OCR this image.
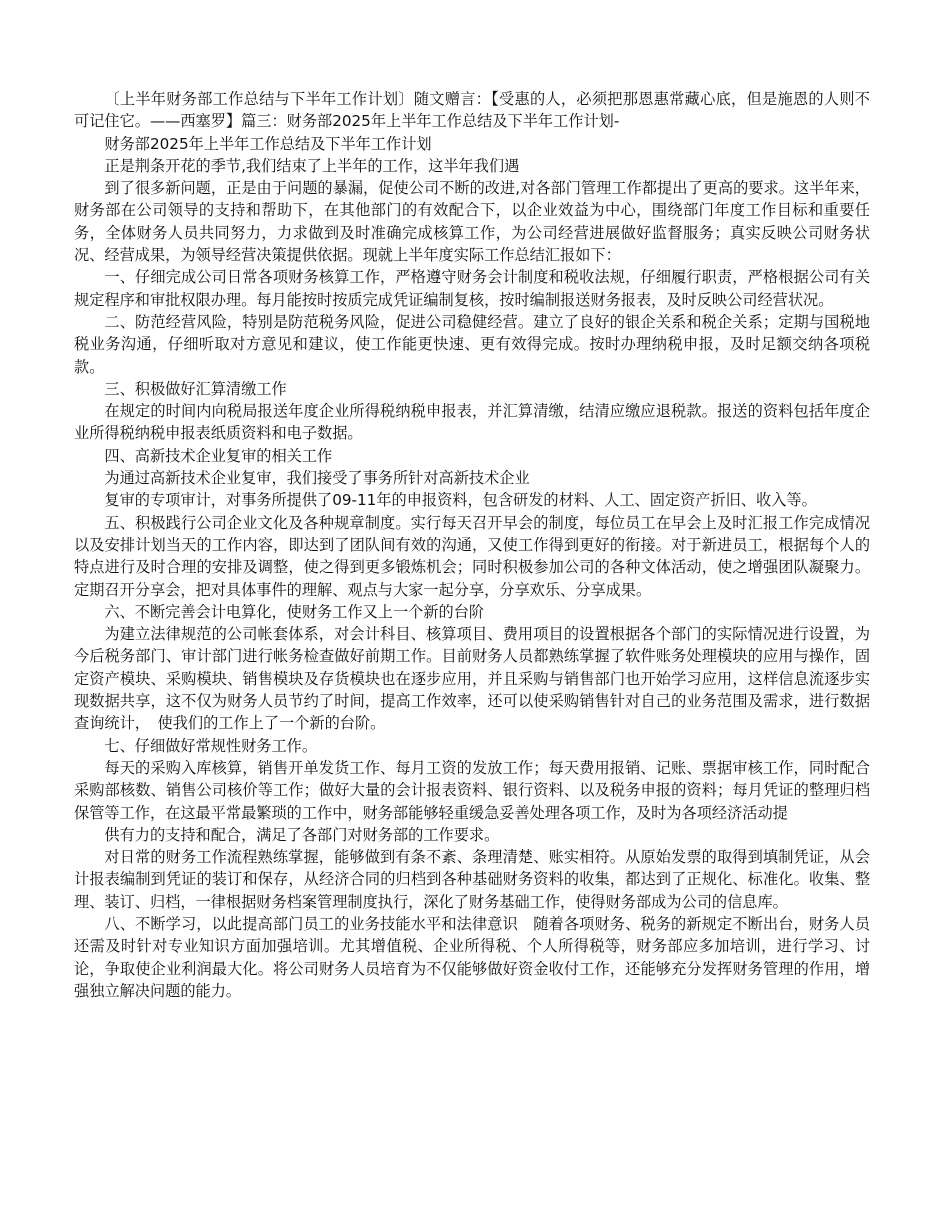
〔上半年财务部工作总结与下半年工作计划〕随文赠言：【受惠的人，必须把那恩惠常藏心底，但是施恩的人则不可记住它。——西塞罗】篇三：财务部2025年上半年工作总结及下半年工作计划-

财务部2025年上半年工作总结及下半年工作计划

正是荆条开花的季节,我们结束了上半年的工作，这半年我们遇

到了很多新问题，正是由于问题的暴漏，促使公司不断的改进,对各部门管理工作都提出了更高的要求。这半年来，财务部在公司领导的支持和帮助下，在其他部门的有效配合下，以企业效益为中心，围绕部门年度工作目标和重要任务，全体财务人员共同努力，力求做到及时准确完成核算工作，为公司经营进展做好监督服务；真实反映公司财务状况、经营成果，为领导经营决策提供依据。现就上半年度实际工作总结汇报如下：

一、仔细完成公司日常各项财务核算工作，严格遵守财务会计制度和税收法规，仔细履行职责，严格根据公司有关规定程序和审批权限办理。每月能按时按质完成凭证编制复核，按时编制报送财务报表，及时反映公司经营状况。

二、防范经营风险，特别是防范税务风险，促进公司稳健经营。建立了良好的银企关系和税企关系；定期与国税地税业务沟通，仔细听取对方意见和建议，使工作能更快速、更有效得完成。按时办理纳税申报，及时足额交纳各项税款。

三、积极做好汇算清缴工作

在规定的时间内向税局报送年度企业所得税纳税申报表，并汇算清缴，结清应缴应退税款。报送的资料包括年度企业所得税纳税申报表纸质资料和电子数据。

四、高新技术企业复审的相关工作

为通过高新技术企业复审，我们接受了事务所针对高新技术企业

复审的专项审计，对事务所提供了09-11年的申报资料，包含研发的材料、人工、固定资产折旧、收入等。

五、积极践行公司企业文化及各种规章制度。实行每天召开早会的制度，每位员工在早会上及时汇报工作完成情况以及安排计划当天的工作内容，即达到了团队间有效的沟通，又使工作得到更好的衔接。对于新进员工，根据每个人的特点进行及时合理的安排及调整，使之得到更多锻炼机会；同时积极参加公司的各种文体活动，使之增强团队凝聚力。定期召开分享会，把对具体事件的理解、观点与大家一起分享，分享欢乐、分享成果。

六、不断完善会计电算化，使财务工作又上一个新的台阶

为建立法律规范的公司帐套体系，对会计科目、核算项目、费用项目的设置根据各个部门的实际情况进行设置，为今后税务部门、审计部门进行帐务检查做好前期工作。目前财务人员都熟练掌握了软件账务处理模块的应用与操作，固定资产模块、采购模块、销售模块及存货模块也在逐步应用，并且采购与销售部门也开始学习应用，这样信息流逐步实现数据共享，这不仅为财务人员节约了时间，提高工作效率，还可以使采购销售针对自己的业务范围及需求，进行数据查询统计，　使我们的工作上了一个新的台阶。

七、仔细做好常规性财务工作。

每天的采购入库核算，销售开单发货工作、每月工资的发放工作；每天费用报销、记账、票据审核工作，同时配合采购部核数、销售公司核价等工作；做好大量的会计报表资料、银行资料、以及税务申报的资料；每月凭证的整理归档保管等工作，在这最平常最繁琐的工作中，财务部能够轻重缓急妥善处理各项工作，及时为各项经济活动提

供有力的支持和配合，满足了各部门对财务部的工作要求。

对日常的财务工作流程熟练掌握，能够做到有条不紊、条理清楚、账实相符。从原始发票的取得到填制凭证，从会计报表编制到凭证的装订和保存，从经济合同的归档到各种基础财务资料的收集，都达到了正规化、标准化。收集、整理、装订、归档，一律根据财务档案管理制度执行，深化了财务基础工作，使得财务部成为公司的信息库。

八、不断学习，以此提高部门员工的业务技能水平和法律意识　随着各项财务、税务的新规定不断出台，财务人员还需及时针对专业知识方面加强培训。尤其增值税、企业所得税、个人所得税等，财务部应多加培训，进行学习、讨论，争取使企业利润最大化。将公司财务人员培育为不仅能够做好资金收付工作，还能够充分发挥财务管理的作用，增强独立解决问题的能力。
